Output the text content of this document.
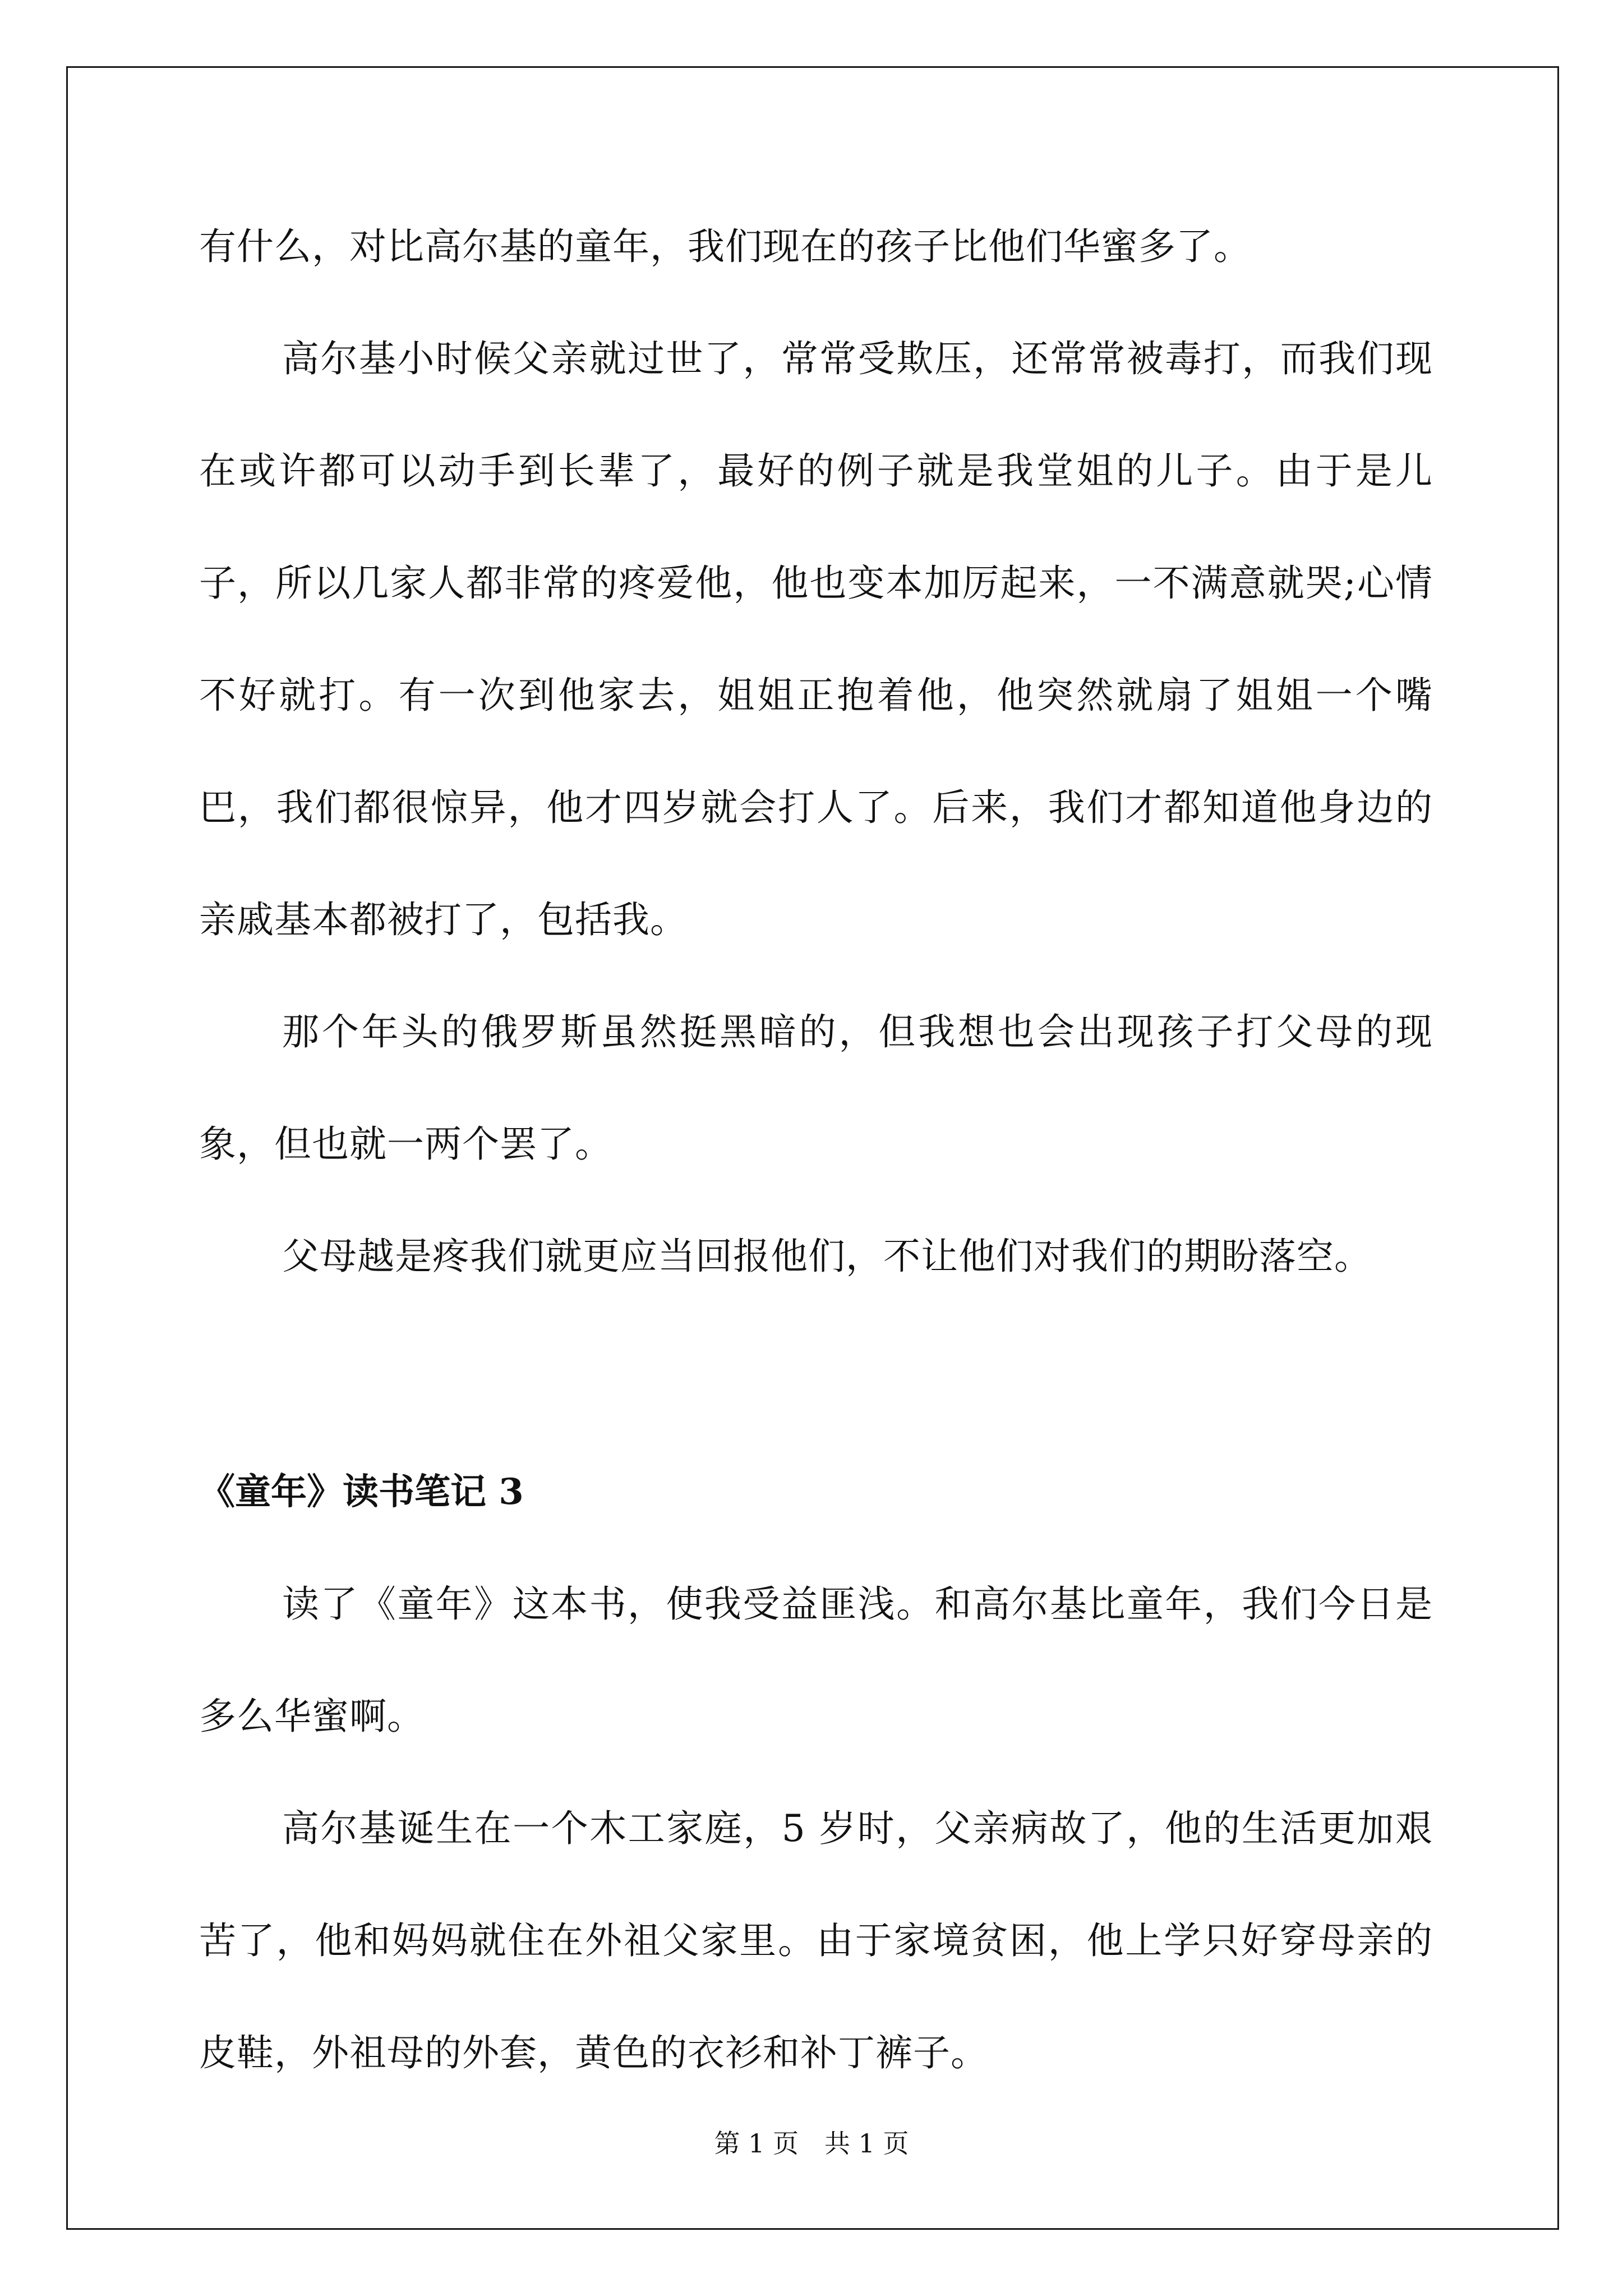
有什么，对比高尔基的童年，我们现在的孩子比他们华蜜多了。

高尔基小时候父亲就过世了，常常受欺压，还常常被毒打，而我们现在或许都可以动手到长辈了，最好的例子就是我堂姐的儿子。由于是儿子，所以几家人都非常的疼爱他，他也变本加厉起来，一不满意就哭;心情不好就打。有一次到他家去，姐姐正抱着他，他突然就扇了姐姐一个嘴巴，我们都很惊异，他才四岁就会打人了。后来，我们才都知道他身边的亲戚基本都被打了，包括我。

那个年头的俄罗斯虽然挺黑暗的，但我想也会出现孩子打父母的现象，但也就一两个罢了。

父母越是疼我们就更应当回报他们，不让他们对我们的期盼落空。

《童年》读书笔记 3

读了《童年》这本书，使我受益匪浅。和高尔基比童年，我们今日是多么华蜜啊。

高尔基诞生在一个木工家庭，5 岁时，父亲病故了，他的生活更加艰苦了，他和妈妈就住在外祖父家里。由于家境贫困，他上学只好穿母亲的皮鞋，外祖母的外套，黄色的衣衫和补丁裤子。

第 1 页　共 1 页
